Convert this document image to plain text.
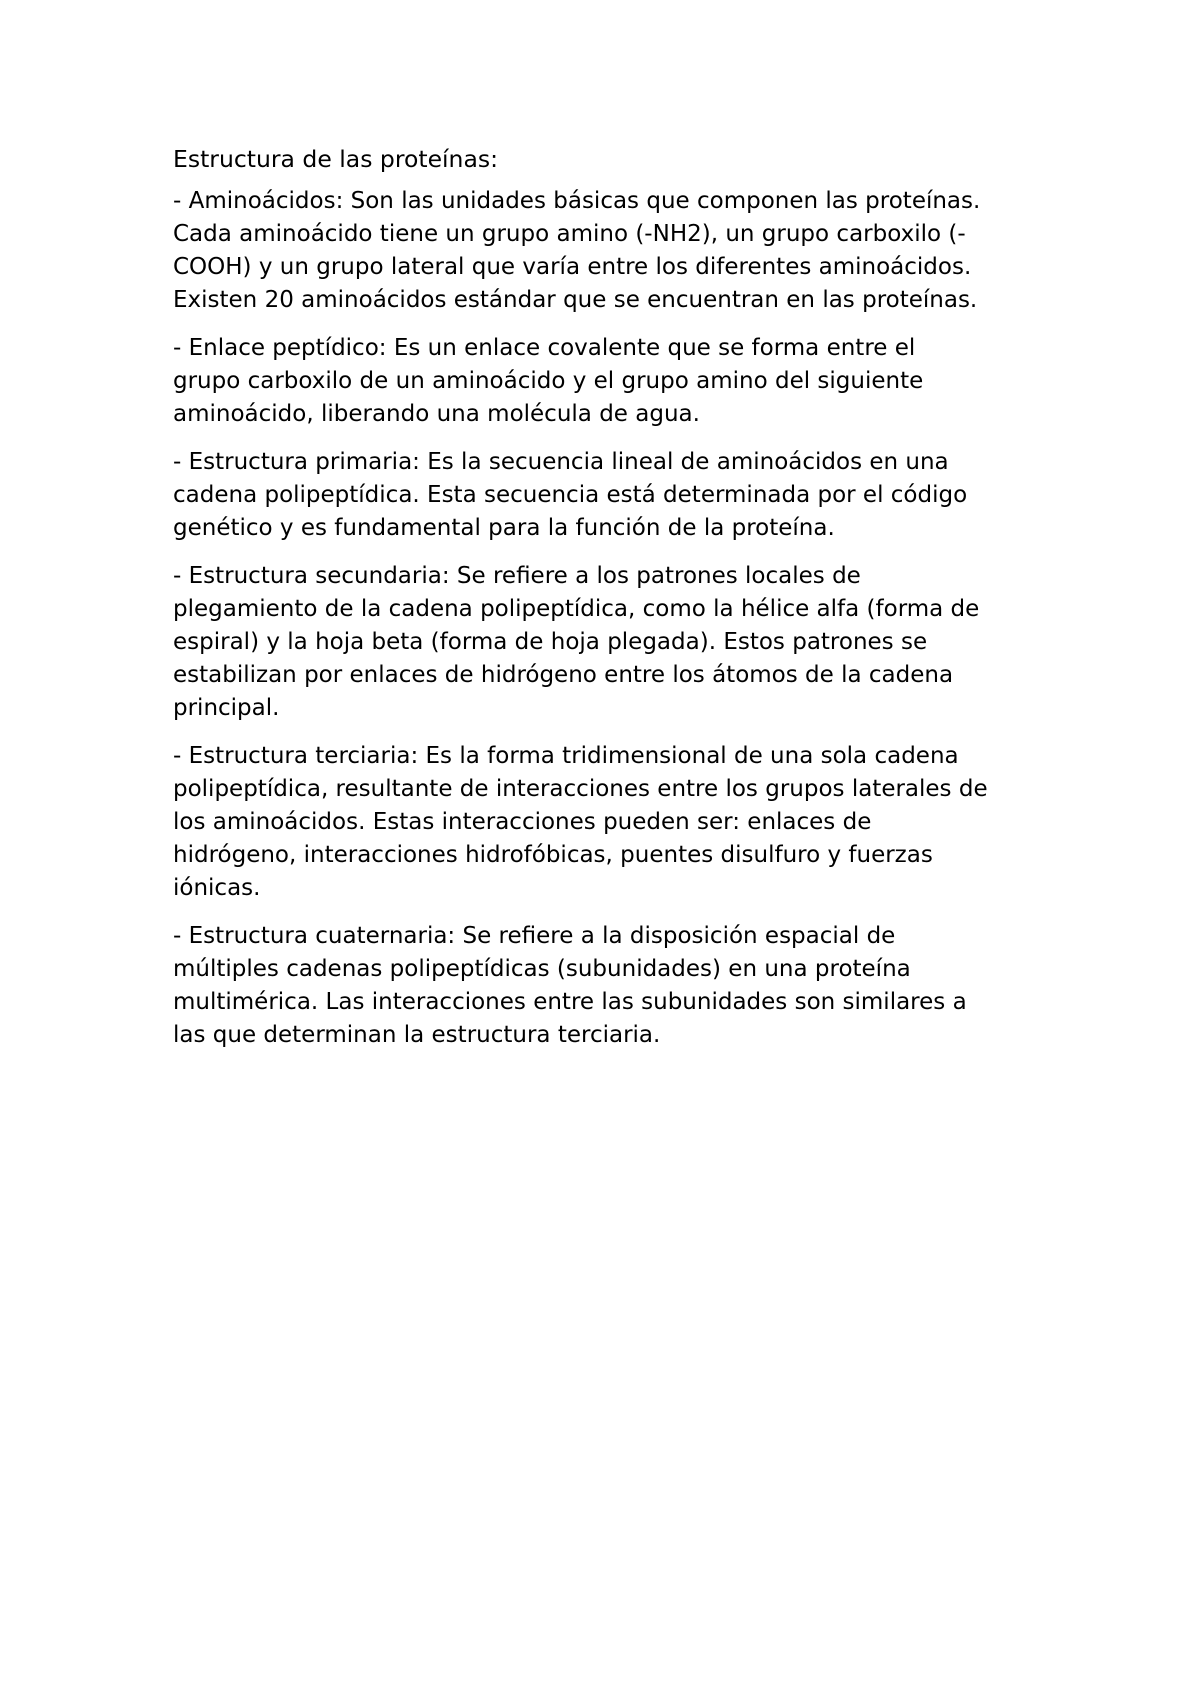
Estructura de las proteínas:

- Aminoácidos: Son las unidades básicas que componen las proteínas.
Cada aminoácido tiene un grupo amino (-NH2), un grupo carboxilo (-
COOH) y un grupo lateral que varía entre los diferentes aminoácidos.
Existen 20 aminoácidos estándar que se encuentran en las proteínas.

- Enlace peptídico: Es un enlace covalente que se forma entre el
grupo carboxilo de un aminoácido y el grupo amino del siguiente
aminoácido, liberando una molécula de agua.

- Estructura primaria: Es la secuencia lineal de aminoácidos en una
cadena polipeptídica. Esta secuencia está determinada por el código
genético y es fundamental para la función de la proteína.

- Estructura secundaria: Se refiere a los patrones locales de
plegamiento de la cadena polipeptídica, como la hélice alfa (forma de
espiral) y la hoja beta (forma de hoja plegada). Estos patrones se
estabilizan por enlaces de hidrógeno entre los átomos de la cadena
principal.

- Estructura terciaria: Es la forma tridimensional de una sola cadena
polipeptídica, resultante de interacciones entre los grupos laterales de
los aminoácidos. Estas interacciones pueden ser: enlaces de
hidrógeno, interacciones hidrofóbicas, puentes disulfuro y fuerzas
iónicas.

- Estructura cuaternaria: Se refiere a la disposición espacial de
múltiples cadenas polipeptídicas (subunidades) en una proteína
multimérica. Las interacciones entre las subunidades son similares a
las que determinan la estructura terciaria.
